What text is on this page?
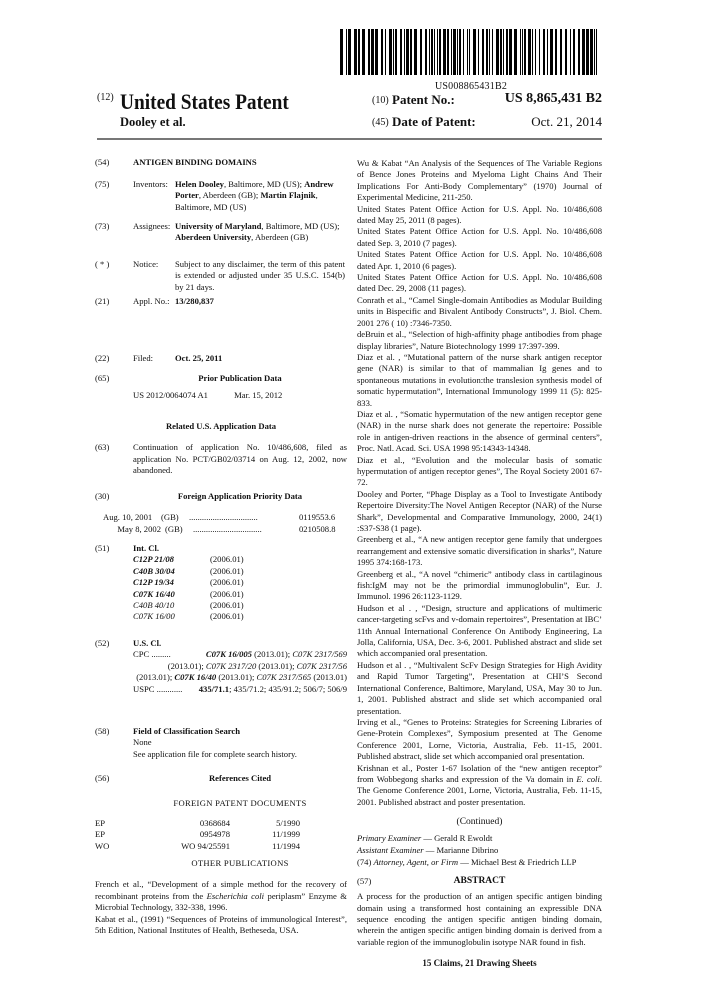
US008865431B2
(12) United States Patent
Dooley et al.
(10) Patent No.:	US 8,865,431 B2
(45) Date of Patent:	Oct. 21, 2014
(54)	ANTIGEN BINDING DOMAINS
(75)	Inventors: Helen Dooley, Baltimore, MD (US); Andrew Porter, Aberdeen (GB); Martin Flajnik, Baltimore, MD (US)
(73)	Assignees: University of Maryland, Baltimore, MD (US); Aberdeen University, Aberdeen (GB)
( * )	Notice: Subject to any disclaimer, the term of this patent is extended or adjusted under 35 U.S.C. 154(b) by 21 days.
(21)	Appl. No.: 13/280,837
(22)	Filed:	Oct. 25, 2011
(65)	Prior Publication Data
US 2012/0064074 A1	Mar. 15, 2012
Related U.S. Application Data
(63)	Continuation of application No. 10/486,608, filed as application No. PCT/GB02/03714 on Aug. 12, 2002, now abandoned.
(30)	Foreign Application Priority Data
Aug. 10, 2001	(GB)	................................	0119553.6
May 8, 2002 (GB)	................................	0210508.8
(51)	Int. Cl.
C12P 21/08	(2006.01)
C40B 30/04	(2006.01)
C12P 19/34	(2006.01)
C07K 16/40	(2006.01)
C40B 40/10	(2006.01)
C07K 16/00	(2006.01)
(52)	U.S. Cl.
CPC .........	C07K 16/005 (2013.01); C07K 2317/569 (2013.01); C07K 2317/20 (2013.01); C07K 2317/56 (2013.01); C07K 16/40 (2013.01); C07K 2317/565 (2013.01)
USPC ............ 435/71.1; 435/71.2; 435/91.2; 506/7; 506/9
(58)	Field of Classification Search
None
See application file for complete search history.
(56)	References Cited
FOREIGN PATENT DOCUMENTS
EP	0368684	5/1990
EP	0954978	11/1999
WO	WO 94/25591	11/1994
OTHER PUBLICATIONS
French et al., “Development of a simple method for the recovery of recombinant proteins from the Escherichia coli periplasm” Enzyme & Microbial Technology, 332-338, 1996.
Kabat et al., (1991) “Sequences of Proteins of immunological Interest”, 5th Edition, National Institutes of Health, Betheseda, USA.
Wu & Kabat “An Analysis of the Sequences of The Variable Regions of Bence Jones Proteins and Myeloma Light Chains And Their Implications For Anti-Body Complementary” (1970) Journal of Experimental Medicine, 211-250.
United States Patent Office Action for U.S. Appl. No. 10/486,608 dated May 25, 2011 (8 pages).
United States Patent Office Action for U.S. Appl. No. 10/486,608 dated Sep. 3, 2010 (7 pages).
United States Patent Office Action for U.S. Appl. No. 10/486,608 dated Apr. 1, 2010 (6 pages).
United States Patent Office Action for U.S. Appl. No. 10/486,608 dated Dec. 29, 2008 (11 pages).
Conrath et al., “Camel Single-domain Antibodies as Modular Building units in Bispecific and Bivalent Antibody Constructs”, J. Biol. Chem. 2001 276 ( 10) :7346-7350.
deBruin et al., “Selection of high-affinity phage antibodies from phage display libraries”, Nature Biotechnology 1999 17:397-399.
Diaz et al. , “Mutational pattern of the nurse shark antigen receptor gene (NAR) is similar to that of mammalian Ig genes and to spontaneous mutations in evolution:the translesion synthesis model of somatic hypermutation”, International Immunology 1999 11 (5): 825-833.
Diaz et al. , “Somatic hypermutation of the new antigen receptor gene (NAR) in the nurse shark does not generate the repertoire: Possible role in antigen-driven reactions in the absence of germinal centers”, Proc. Natl. Acad. Sci. USA 1998 95:14343-14348.
Diaz et al., “Evolution and the molecular basis of somatic hypermutation of antigen receptor genes”, The Royal Society 2001 67-72.
Dooley and Porter, “Phage Display as a Tool to Investigate Antibody Repertoire Diversity:The Novel Antigen Receptor (NAR) of the Nurse Shark”, Developmental and Comparative Immunology, 2000, 24(1) :S37-S38 (1 page).
Greenberg et al., “A new antigen receptor gene family that undergoes rearrangement and extensive somatic diversification in sharks”, Nature 1995 374:168-173.
Greenberg et al., “A novel “chimeric” antibody class in cartilaginous fish:IgM may not be the primordial immunoglobulin”, Eur. J. Immunol. 1996 26:1123-1129.
Hudson et al . , “Design, structure and applications of multimeric cancer-targeting scFvs and v-domain repertoires”, Presentation at IBC’ 11th Annual International Conference On Antibody Engineering, La Jolla, California, USA, Dec. 3-6, 2001. Published abstract and slide set which accompanied oral presentation.
Hudson et al . , “Multivalent ScFv Design Strategies for High Avidity and Rapid Tumor Targeting”, Presentation at CHI’S Second International Conference, Baltimore, Maryland, USA, May 30 to Jun. 1, 2001. Published abstract and slide set which accompanied oral presentation.
Irving et al., “Genes to Proteins: Strategies for Screening Libraries of Gene-Protein Complexes”, Symposium presented at The Genome Conference 2001, Lorne, Victoria, Australia, Feb. 11-15, 2001. Published abstract, slide set which accompanied oral presentation.
Krishnan et al., Poster 1-67 Isolation of the “new antigen receptor” from Wobbegong sharks and expression of the Va domain in E. coli. The Genome Conference 2001, Lorne, Victoria, Australia, Feb. 11-15, 2001. Published abstract and poster presentation.
(Continued)
Primary Examiner — Gerald R Ewoldt
Assistant Examiner — Marianne Dibrino
(74) Attorney, Agent, or Firm — Michael Best & Friedrich LLP
(57)	ABSTRACT
A process for the production of an antigen specific antigen binding domain using a transformed host containing an expressible DNA sequence encoding the antigen specific antigen binding domain, wherein the antigen specific antigen binding domain is derived from a variable region of the immunoglobulin isotype NAR found in fish.
15 Claims, 21 Drawing Sheets
